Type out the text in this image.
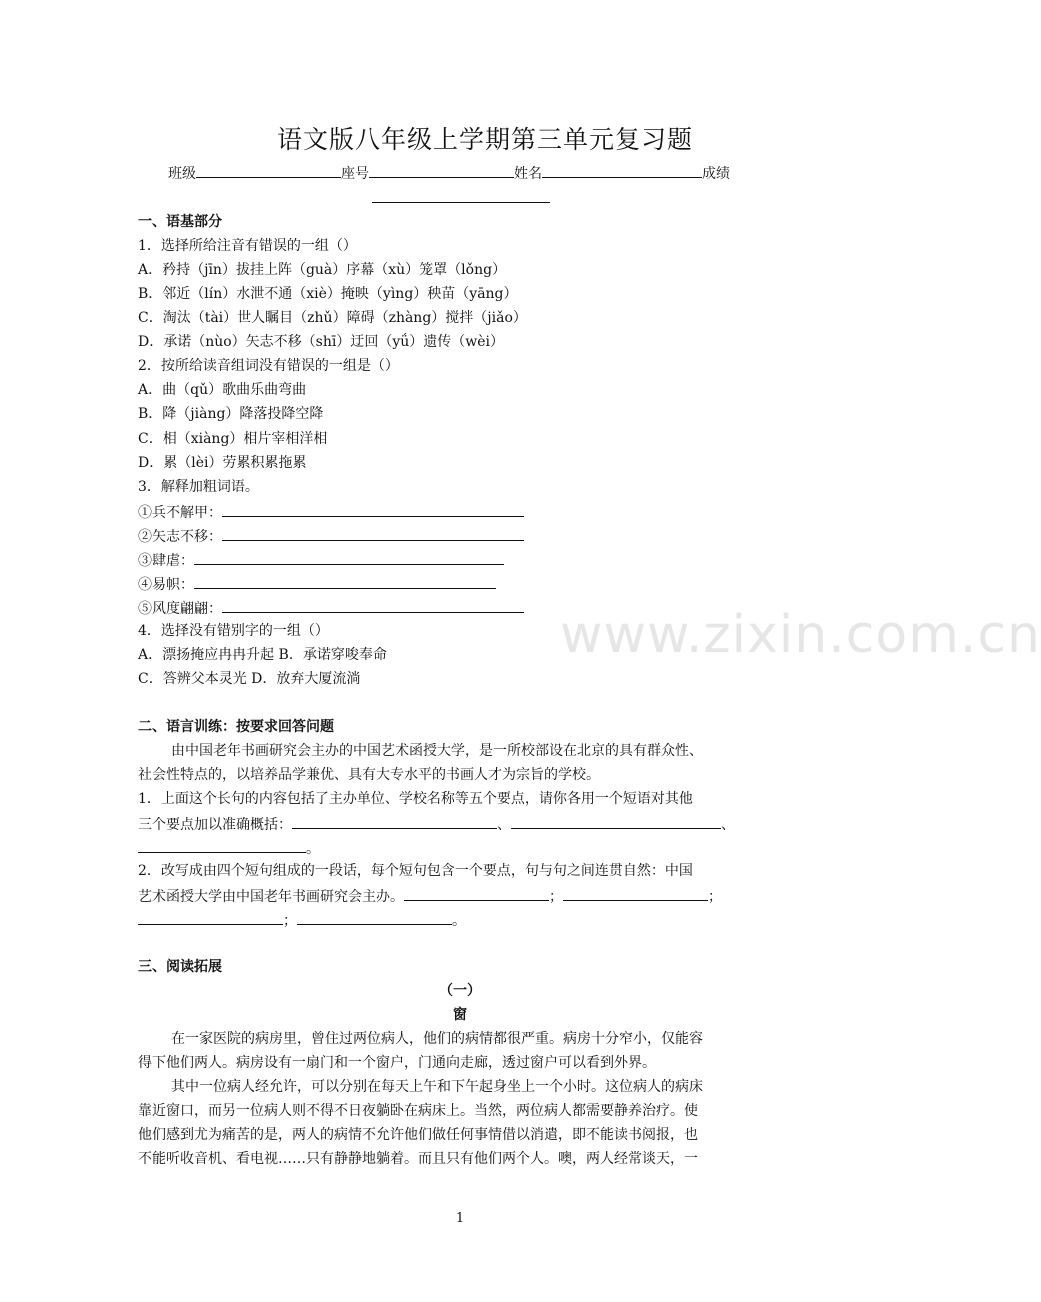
www.zixin.com.cn
语文版八年级上学期第三单元复习题
班级	座号	姓名	成绩
一、语基部分
1．选择所给注音有错误的一组（）
A．矜持（jīn）拔挂上阵（guà）序幕（xù）笼罩（lǒng）
B．邻近（lín）水泄不通（xiè）掩映（yìng）秧苗（yāng）
C．淘汰（tài）世人瞩目（zhǔ）障碍（zhàng）搅拌（jiǎo）
D．承诺（nùo）矢志不移（shī）迂回（yǘ）遗传（wèi）
2．按所给读音组词没有错误的一组是（）
A．曲（qǔ）歌曲乐曲弯曲
B．降（jiàng）降落投降空降
C．相（xiàng）相片宰相洋相
D．累（lèi）劳累积累拖累
3．解释加粗词语。
①兵不解甲：
②矢志不移：
③肆虐：
④易帜：
⑤风度翩翩：
4．选择没有错别字的一组（）
A．漂扬掩应冉冉升起 B．承诺穿唆奉命
C．答辨父本灵光 D．放弃大厦流淌
二、语言训练：按要求回答问题
由中国老年书画研究会主办的中国艺术函授大学，是一所校部设在北京的具有群众性、
社会性特点的，以培养品学兼优、具有大专水平的书画人才为宗旨的学校。
1．上面这个长句的内容包括了主办单位、学校名称等五个要点，请你各用一个短语对其他
三个要点加以准确概括：	、	、
。
2．改写成由四个短句组成的一段话，每个短句包含一个要点，句与句之间连贯自然：中国
艺术函授大学由中国老年书画研究会主办。	；	；
；	。
三、阅读拓展
（一）
窗
在一家医院的病房里，曾住过两位病人，他们的病情都很严重。病房十分窄小，仅能容
得下他们两人。病房设有一扇门和一个窗户，门通向走廊，透过窗户可以看到外界。
其中一位病人经允许，可以分别在每天上午和下午起身坐上一个小时。这位病人的病床
靠近窗口，而另一位病人则不得不日夜躺卧在病床上。当然，两位病人都需要静养治疗。使
他们感到尤为痛苦的是，两人的病情不允许他们做任何事情借以消遣，即不能读书阅报，也
不能听收音机、看电视……只有静静地躺着。而且只有他们两个人。噢，两人经常谈天，一
1
